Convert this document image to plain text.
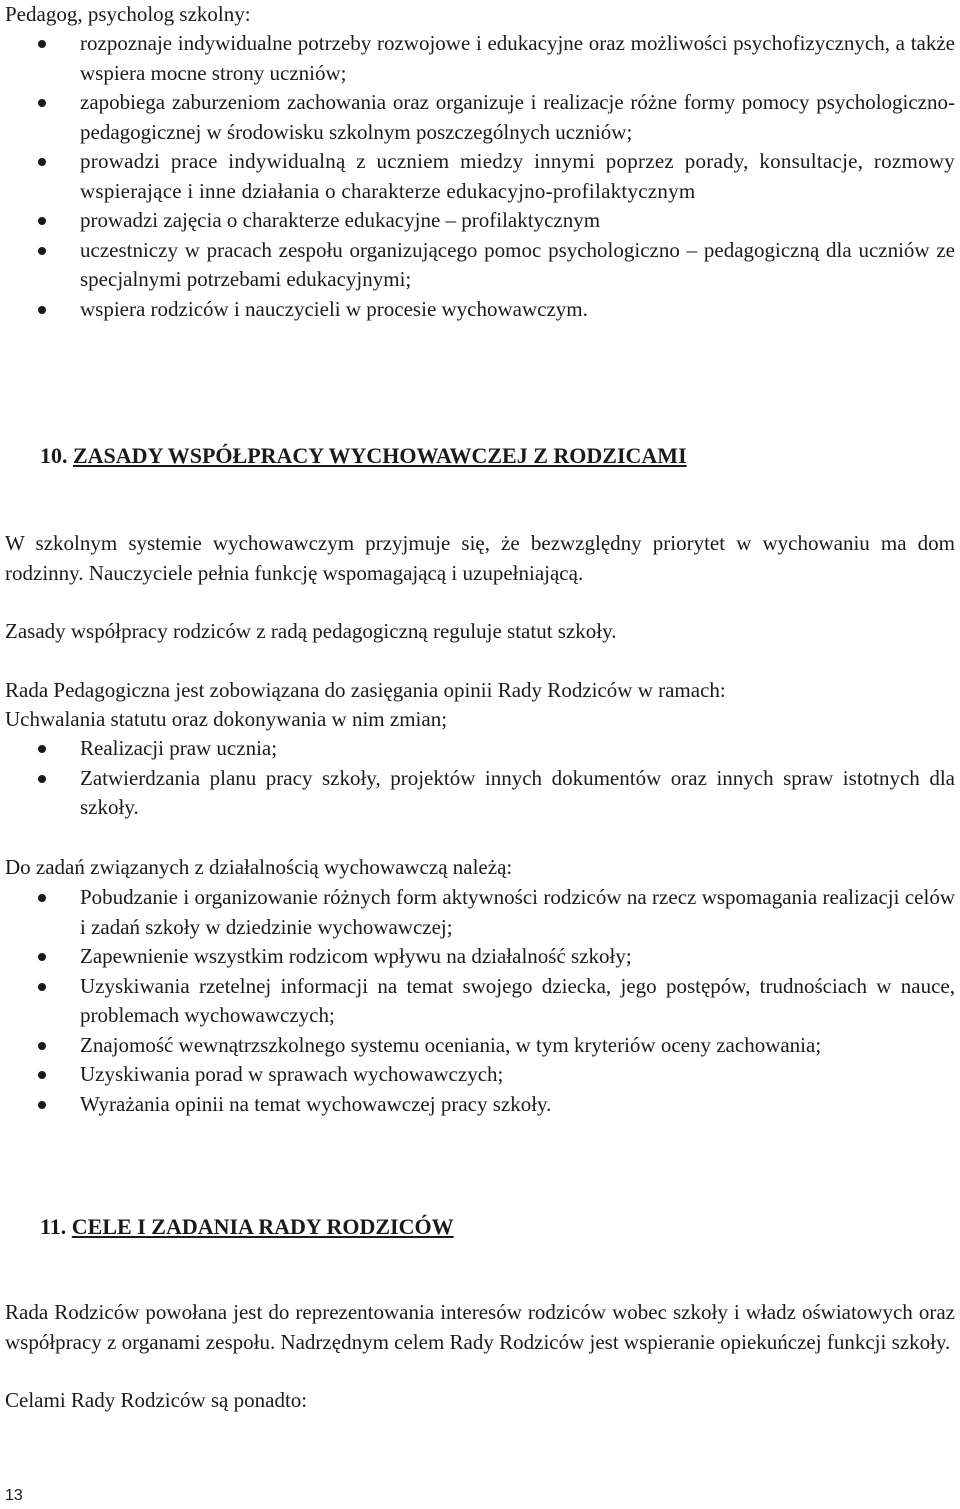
Pedagog, psycholog szkolny:
rozpoznaje indywidualne potrzeby rozwojowe i edukacyjne oraz możliwości psychofizycznych, a także wspiera mocne strony uczniów;
zapobiega zaburzeniom zachowania oraz organizuje i realizacje różne formy pomocy psychologiczno-pedagogicznej w środowisku szkolnym poszczególnych uczniów;
prowadzi prace indywidualną z uczniem miedzy innymi poprzez porady, konsultacje, rozmowy wspierające i inne działania o charakterze edukacyjno-profilaktycznym
prowadzi zajęcia o charakterze edukacyjne – profilaktycznym
uczestniczy w pracach zespołu organizującego pomoc psychologiczno – pedagogiczną dla uczniów ze specjalnymi potrzebami edukacyjnymi;
wspiera rodziców i nauczycieli w procesie wychowawczym.
10. ZASADY WSPÓŁPRACY WYCHOWAWCZEJ Z RODZICAMI

W szkolnym systemie wychowawczym przyjmuje się, że bezwzględny priorytet w wychowaniu ma dom rodzinny. Nauczyciele pełnia funkcję wspomagającą i uzupełniającą.

Zasady współpracy rodziców z radą pedagogiczną reguluje statut szkoły.

Rada Pedagogiczna jest zobowiązana do zasięgania opinii Rady Rodziców w ramach:

Uchwalania statutu oraz dokonywania w nim zmian;

Realizacji praw ucznia;
Zatwierdzania planu pracy szkoły, projektów innych dokumentów oraz innych spraw istotnych dla szkoły.

Do zadań związanych z działalnością wychowawczą należą:

Pobudzanie i organizowanie różnych form aktywności rodziców na rzecz wspomagania realizacji celów i zadań szkoły w dziedzinie wychowawczej;
Zapewnienie wszystkim rodzicom wpływu na działalność szkoły;
Uzyskiwania rzetelnej informacji na temat swojego dziecka, jego postępów, trudnościach w nauce, problemach wychowawczych;
Znajomość wewnątrzszkolnego systemu oceniania, w tym kryteriów oceny zachowania;
Uzyskiwania porad w sprawach wychowawczych;
Wyrażania opinii na temat wychowawczej pracy szkoły.
11. CELE I ZADANIA RADY RODZICÓW

Rada Rodziców powołana jest do reprezentowania interesów rodziców wobec szkoły i władz oświatowych oraz współpracy z organami zespołu. Nadrzędnym celem Rady Rodziców jest wspieranie opiekuńczej funkcji szkoły.

Celami Rady Rodziców są ponadto:

13
